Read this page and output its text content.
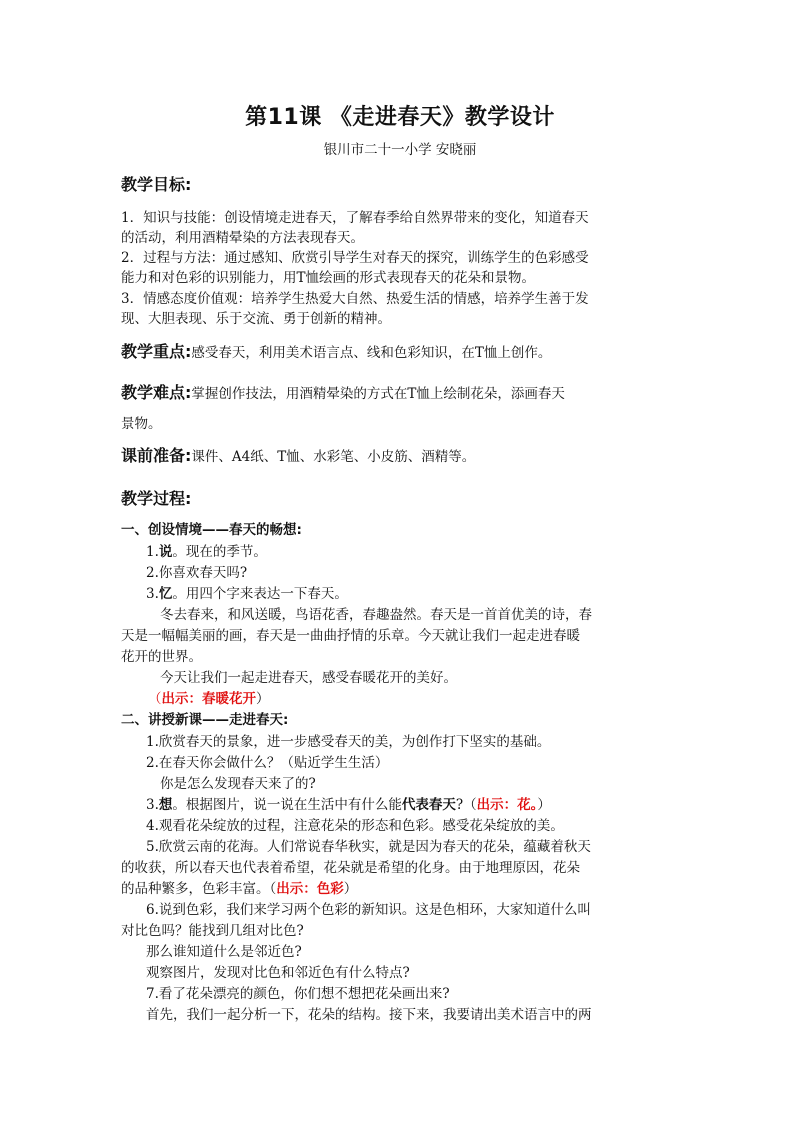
第11课 《走进春天》教学设计
银川市二十一小学 安晓丽
教学目标:
1．知识与技能：创设情境走进春天，了解春季给自然界带来的变化，知道春天
的活动，利用酒精晕染的方法表现春天。
2．过程与方法：通过感知、欣赏引导学生对春天的探究，训练学生的色彩感受
能力和对色彩的识别能力，用T恤绘画的形式表现春天的花朵和景物。
3．情感态度价值观：培养学生热爱大自然、热爱生活的情感，培养学生善于发
现、大胆表现、乐于交流、勇于创新的精神。
教学重点:感受春天，利用美术语言点、线和色彩知识，在T恤上创作。
教学难点:掌握创作技法，用酒精晕染的方式在T恤上绘制花朵，添画春天
景物。
课前准备:课件、A4纸、T恤、水彩笔、小皮筋、酒精等。
教学过程:
一、创设情境——春天的畅想:
1.说。现在的季节。
2.你喜欢春天吗?
3.忆。用四个字来表达一下春天。
冬去春来，和风送暖，鸟语花香，春趣盎然。春天是一首首优美的诗，春
天是一幅幅美丽的画，春天是一曲曲抒情的乐章。今天就让我们一起走进春暖
花开的世界。
今天让我们一起走进春天，感受春暖花开的美好。
（出示：春暖花开）
二、讲授新课——走进春天:
1.欣赏春天的景象，进一步感受春天的美，为创作打下坚实的基础。
2.在春天你会做什么？（贴近学生生活）
你是怎么发现春天来了的?
3.想。根据图片，说一说在生活中有什么能代表春天?（出示：花。）
4.观看花朵绽放的过程，注意花朵的形态和色彩。感受花朵绽放的美。
5.欣赏云南的花海。人们常说春华秋实，就是因为春天的花朵，蕴藏着秋天
的收获，所以春天也代表着希望，花朵就是希望的化身。由于地理原因，花朵
的品种繁多，色彩丰富。（出示：色彩）
6.说到色彩，我们来学习两个色彩的新知识。这是色相环，大家知道什么叫
对比色吗？能找到几组对比色?
那么谁知道什么是邻近色?
观察图片，发现对比色和邻近色有什么特点?
7.看了花朵漂亮的颜色，你们想不想把花朵画出来?
首先，我们一起分析一下，花朵的结构。接下来，我要请出美术语言中的两
